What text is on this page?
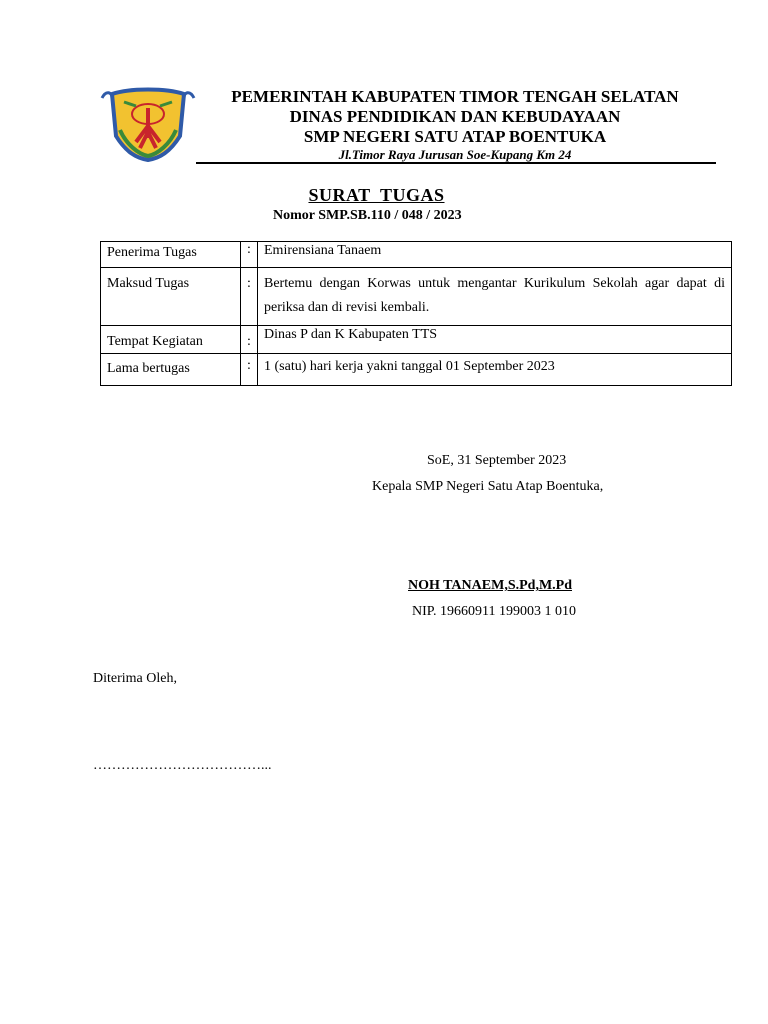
PEMERINTAH KABUPATEN TIMOR TENGAH SELATAN
DINAS PENDIDIKAN DAN KEBUDAYAAN
SMP NEGERI SATU ATAP BOENTUKA
Jl.Timor Raya Jurusan Soe-Kupang Km 24
SURAT  TUGAS
Nomor SMP.SB.110 / 048 / 2023
Penerima Tugas	:	Emirensiana Tanaem
Maksud Tugas	:	Bertemu dengan Korwas untuk mengantar Kurikulum Sekolah agar dapat di periksa dan di revisi kembali.
Tempat Kegiatan	:	Dinas P dan K Kabupaten TTS
Lama bertugas	:	1 (satu) hari kerja yakni tanggal 01 September 2023
SoE, 31 September 2023
Kepala SMP Negeri Satu Atap Boentuka,
NOH TANAEM,S.Pd,M.Pd
NIP. 19660911 199003 1 010
Diterima Oleh,
………………………………...
